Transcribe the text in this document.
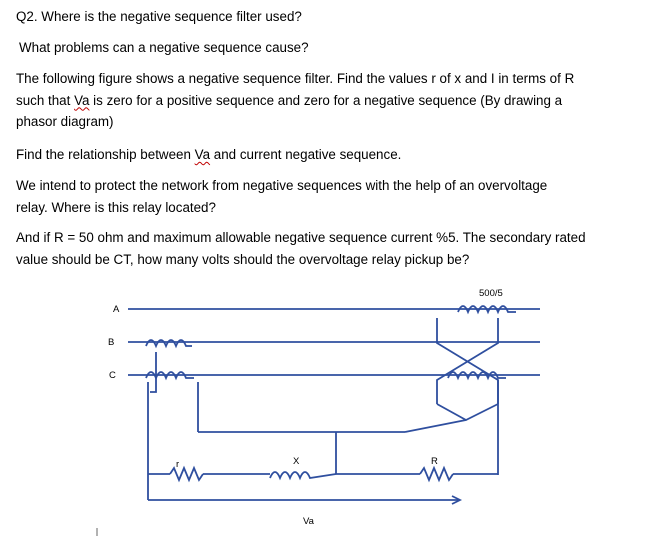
Q2. Where is the negative sequence filter used?

What problems can a negative sequence cause?

The following figure shows a negative sequence filter. Find the values r of x and I in terms of R
such that Va is zero for a positive sequence and zero for a negative sequence (By drawing a
phasor diagram)

Find the relationship between Va and current negative sequence.

We intend to protect the network from negative sequences with the help of an overvoltage
relay. Where is this relay located?

And if R = 50 ohm and maximum allowable negative sequence current %5. The secondary rated
value should be CT, how many volts should the overvoltage relay pickup be?

A
B
C
500/5
r	X	R
Va
